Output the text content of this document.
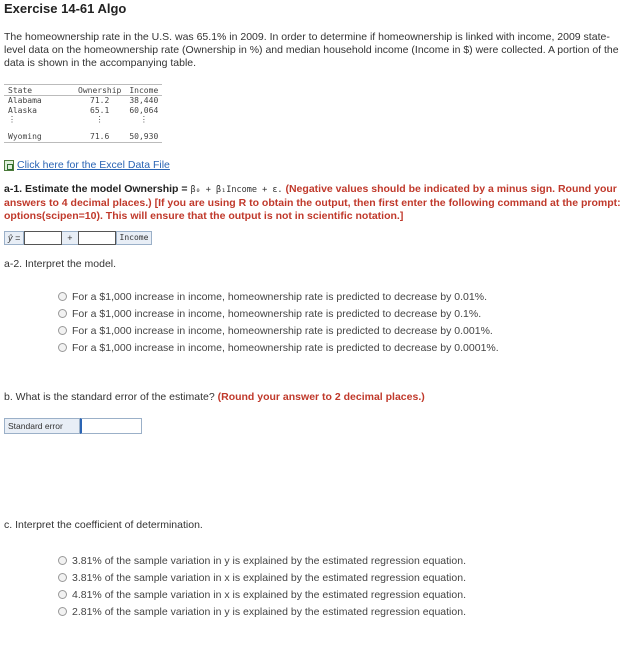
Exercise 14-61 Algo
The homeownership rate in the U.S. was 65.1% in 2009. In order to determine if homeownership is linked with income, 2009 state-level data on the homeownership rate (Ownership in %) and median household income (Income in $) were collected. A portion of the data is shown in the accompanying table.
State	Ownership	Income
Alabama	71.2	38,440
Alaska	65.1	60,064
⋮	⋮	⋮

Wyoming	71.6	50,930
Click here for the Excel Data File
a-1. Estimate the model Ownership = β₀ + β₁Income + ε. (Negative values should be indicated by a minus sign. Round your answers to 4 decimal places.) [If you are using R to obtain the output, then first enter the following command at the prompt: options(scipen=10). This will ensure that the output is not in scientific notation.]
ŷ =	+	Income
a-2. Interpret the model.
For a $1,000 increase in income, homeownership rate is predicted to decrease by 0.01%.
For a $1,000 increase in income, homeownership rate is predicted to decrease by 0.1%.
For a $1,000 increase in income, homeownership rate is predicted to decrease by 0.001%.
For a $1,000 increase in income, homeownership rate is predicted to decrease by 0.0001%.
b. What is the standard error of the estimate? (Round your answer to 2 decimal places.)
Standard error
c. Interpret the coefficient of determination.
3.81% of the sample variation in y is explained by the estimated regression equation.
3.81% of the sample variation in x is explained by the estimated regression equation.
4.81% of the sample variation in x is explained by the estimated regression equation.
2.81% of the sample variation in y is explained by the estimated regression equation.
